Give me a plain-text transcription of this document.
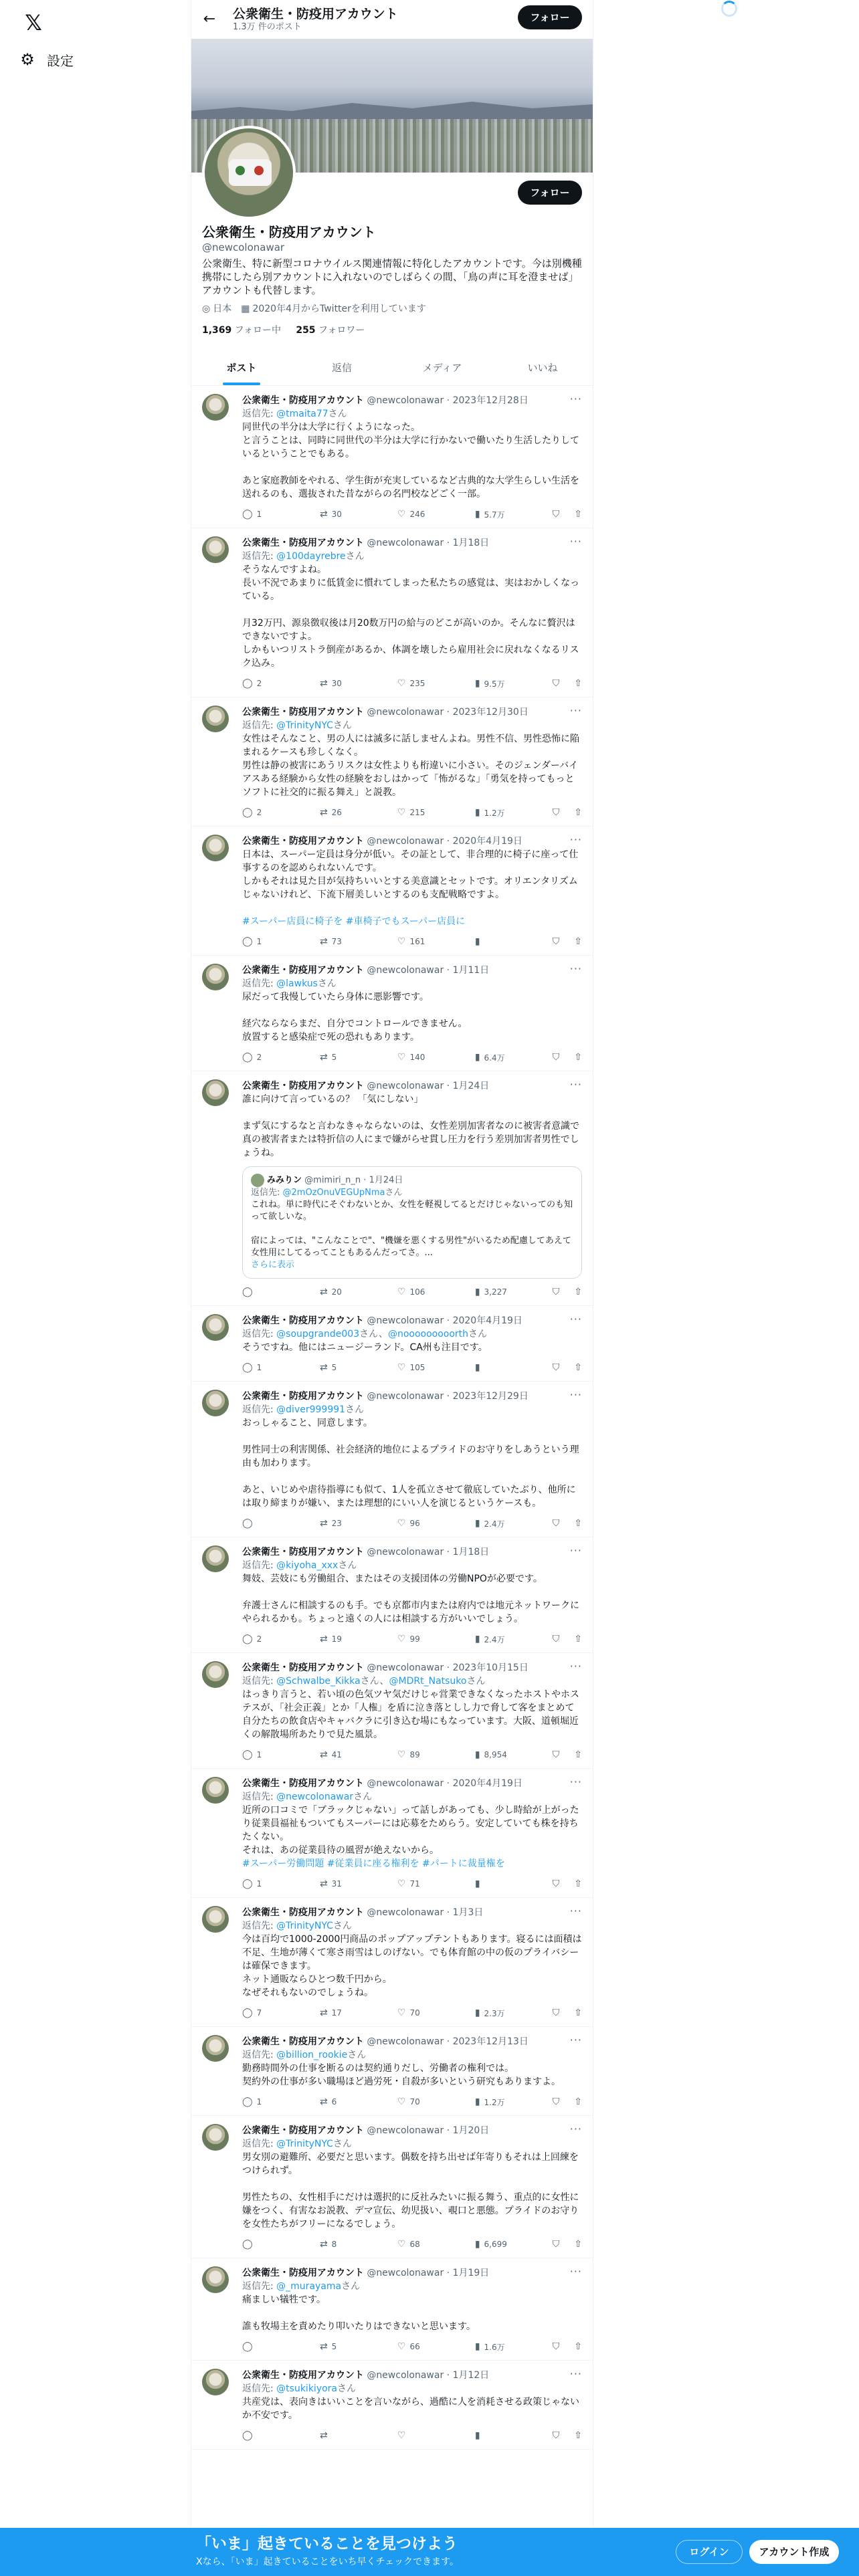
𝕏
⚙ 設定
←	公衆衛生・防疫用アカウント
1.3万 件のポスト
フォロー
フォロー
公衆衛生・防疫用アカウント
@newcolonawar
公衆衛生、特に新型コロナウイルス関連情報に特化したアカウントです。今は別機種携帯にしたら別アカウントに入れないのでしばらくの間、「鳥の声に耳を澄ませば」アカウントも代替します。
◎ 日本 ▦ 2020年4月からTwitterを利用しています
1,369 フォロー中 255 フォロワー
ポスト	返信	メディア	いいね
···
公衆衛生・防疫用アカウント @newcolonawar · 2023年12月28日
返信先: @tmaita77さん
同世代の半分は大学に行くようになった。
と言うことは、同時に同世代の半分は大学に行かないで働いたり生活したりしているということでもある。

あと家庭教師をやれる、学生街が充実しているなど古典的な大学生らしい生活を送れるのも、選抜された昔ながらの名門校などごく一部。
◯ 1	⇄ 30	♡ 246	▮ 5.7万	⛉ ⇧
···
公衆衛生・防疫用アカウント @newcolonawar · 1月18日
返信先: @100dayrebreさん
そうなんですよね。
長い不況であまりに低賃金に慣れてしまった私たちの感覚は、実はおかしくなっている。

月32万円、源泉徴収後は月20数万円の給与のどこが高いのか。そんなに贅沢はできないですよ。
しかもいつリストラ倒産があるか、体調を壊したら雇用社会に戻れなくなるリスク込み。
◯ 2	⇄ 30	♡ 235	▮ 9.5万	⛉ ⇧
···
公衆衛生・防疫用アカウント @newcolonawar · 2023年12月30日
返信先: @TrinityNYCさん
女性はそんなこと、男の人には滅多に話しませんよね。男性不信、男性恐怖に陥まれるケースも珍しくなく。
男性は静の被害にあうリスクは女性よりも桁違いに小さい。そのジェンダーバイアスある経験から女性の経験をおしはかって「怖がるな」「勇気を持ってもっとソフトに社交的に振る舞え」と説教。
◯ 2	⇄ 26	♡ 215	▮ 1.2万	⛉ ⇧
···
公衆衛生・防疫用アカウント @newcolonawar · 2020年4月19日
日本は、スーパー定員は身分が低い。その証として、非合理的に椅子に座って仕事するのを認められないんです。
しかもそれは見た目が気持ちいいとする美意識とセットです。オリエンタリズムじゃないけれど、下流下層美しいとするのも支配戦略ですよ。

#スーパー店員に椅子を #車椅子でもスーパー店員に
◯ 1	⇄ 73	♡ 161	▮	⛉ ⇧
···
公衆衛生・防疫用アカウント @newcolonawar · 1月11日
返信先: @lawkusさん
尿だって我慢していたら身体に悪影響です。

経穴ならならまだ、自分でコントロールできません。
放置すると感染症で死の恐れもあります。
◯ 2	⇄ 5	♡ 140	▮ 6.4万	⛉ ⇧
···
公衆衛生・防疫用アカウント @newcolonawar · 1月24日
誰に向けて言っているの？ 「気にしない」

まず気にするなと言わなきゃならないのは、女性差別加害者なのに被害者意識で真の被害者または特折信の人にまで嫌がらせ貫し圧力を行う差別加害者男性でしょうね。
みみりン @mimiri_n_n · 1月24日
返信先: @2mOzOnuVEGUpNmaさん
これね。単に時代にそぐわないとか、女性を軽視してるとだけじゃないってのも知って欲しいな。

宿によっては、"こんなことで"、"機嫌を悪くする男性"がいるため配慮してあえて女性用にしてるってこともあるんだってさ。...
さらに表示
◯	⇄ 20	♡ 106	▮ 3,227	⛉ ⇧
···
公衆衛生・防疫用アカウント @newcolonawar · 2020年4月19日
返信先: @soupgrande003さん、@nooooooooorthさん
そうですね。他にはニュージーランド。CA州も注目です。
◯ 1	⇄ 5	♡ 105	▮	⛉ ⇧
···
公衆衛生・防疫用アカウント @newcolonawar · 2023年12月29日
返信先: @diver999991さん
おっしゃること、同意します。

男性同士の利害関係、社会経済的地位によるプライドのお守りをしあうという理由も加わります。

あと、いじめや虐待指導にも似て、1人を孤立させて徹底していたぶり、他所には取り締まりが嫌い、または理想的にいい人を演じるというケースも。
◯	⇄ 23	♡ 96	▮ 2.4万	⛉ ⇧
···
公衆衛生・防疫用アカウント @newcolonawar · 1月18日
返信先: @kiyoha_xxxさん
舞妓、芸妓にも労働組合、またはその支援団体の労働NPOが必要です。

弁護士さんに相談するのも手。でも京都市内または府内では地元ネットワークにやられるかも。ちょっと遠くの人には相談する方がいいでしょう。
◯ 2	⇄ 19	♡ 99	▮ 2.4万	⛉ ⇧
···
公衆衛生・防疫用アカウント @newcolonawar · 2023年10月15日
返信先: @Schwalbe_Kikkaさん、@MDRt_Natsukoさん
はっきり言うと、若い頃の色気ツヤ気だけじゃ営業できなくなったホストやホステスが、「社会正義」とか「人権」を盾に泣き落としし力で脅して客をまとめて自分たちの飲食店やキャバクラに引き込む場にもなっています。大阪、道頓堀近くの解散場所あたりで見た風景。
◯ 1	⇄ 41	♡ 89	▮ 8,954	⛉ ⇧
···
公衆衛生・防疫用アカウント @newcolonawar · 2020年4月19日
返信先: @newcolonawarさん
近所の口コミで「ブラックじゃない」って話しがあっても、少し時給が上がったり従業員福祉もついてもスーパーには応募をためらう。安定していても株を持ちたくない。
それは、あの従業員待の風習が絶えないから。
#スーパー労働問題 #従業員に座る権利を #パートに裁量権を
◯ 1	⇄ 31	♡ 71	▮	⛉ ⇧
···
公衆衛生・防疫用アカウント @newcolonawar · 1月3日
返信先: @TrinityNYCさん
今は百均で1000-2000円商品のポップアップテントもあります。寝るには面積は不足、生地が薄くて寒さ雨雪はしのげない。でも体育館の中の仮のプライバシーは確保できます。
ネット通販ならひとつ数千円から。
なぜそれもないのでしょうね。
◯ 7	⇄ 17	♡ 70	▮ 2.3万	⛉ ⇧
···
公衆衛生・防疫用アカウント @newcolonawar · 2023年12月13日
返信先: @billion_rookieさん
勤務時間外の仕事を断るのは契約通りだし、労働者の権利では。
契約外の仕事が多い職場ほど過労死・自殺が多いという研究もありますよ。
◯ 1	⇄ 6	♡ 70	▮ 1.2万	⛉ ⇧
···
公衆衛生・防疫用アカウント @newcolonawar · 1月20日
返信先: @TrinityNYCさん
男女別の避難所、必要だと思います。偶数を持ち出せば年寄りもそれは上回練をつけられず。

男性たちの、女性相手にだけは選択的に反社みたいに振る舞う、重点的に女性に嫌をつく、有害なお説教、デマ宣伝、幼児扱い、覗口と悪態。プライドのお守りを女性たちがフリーになるでしょう。
◯	⇄ 8	♡ 68	▮ 6,699	⛉ ⇧
···
公衆衛生・防疫用アカウント @newcolonawar · 1月19日
返信先: @_murayamaさん
痛ましい犠牲です。

誰も牧場主を責めたり叩いたりはできないと思います。
◯	⇄ 5	♡ 66	▮ 1.6万	⛉ ⇧
···
公衆衛生・防疫用アカウント @newcolonawar · 1月12日
返信先: @tsukikiyoraさん
共産党は、表向きはいいことを言いながら、過酷に人を消耗させる政策じゃないか不安です。
◯	⇄	♡	▮	⛉ ⇧
「いま」起きていることを見つけよう
Xなら、「いま」起きていることをいち早くチェックできます。
ログイン	アカウント作成
